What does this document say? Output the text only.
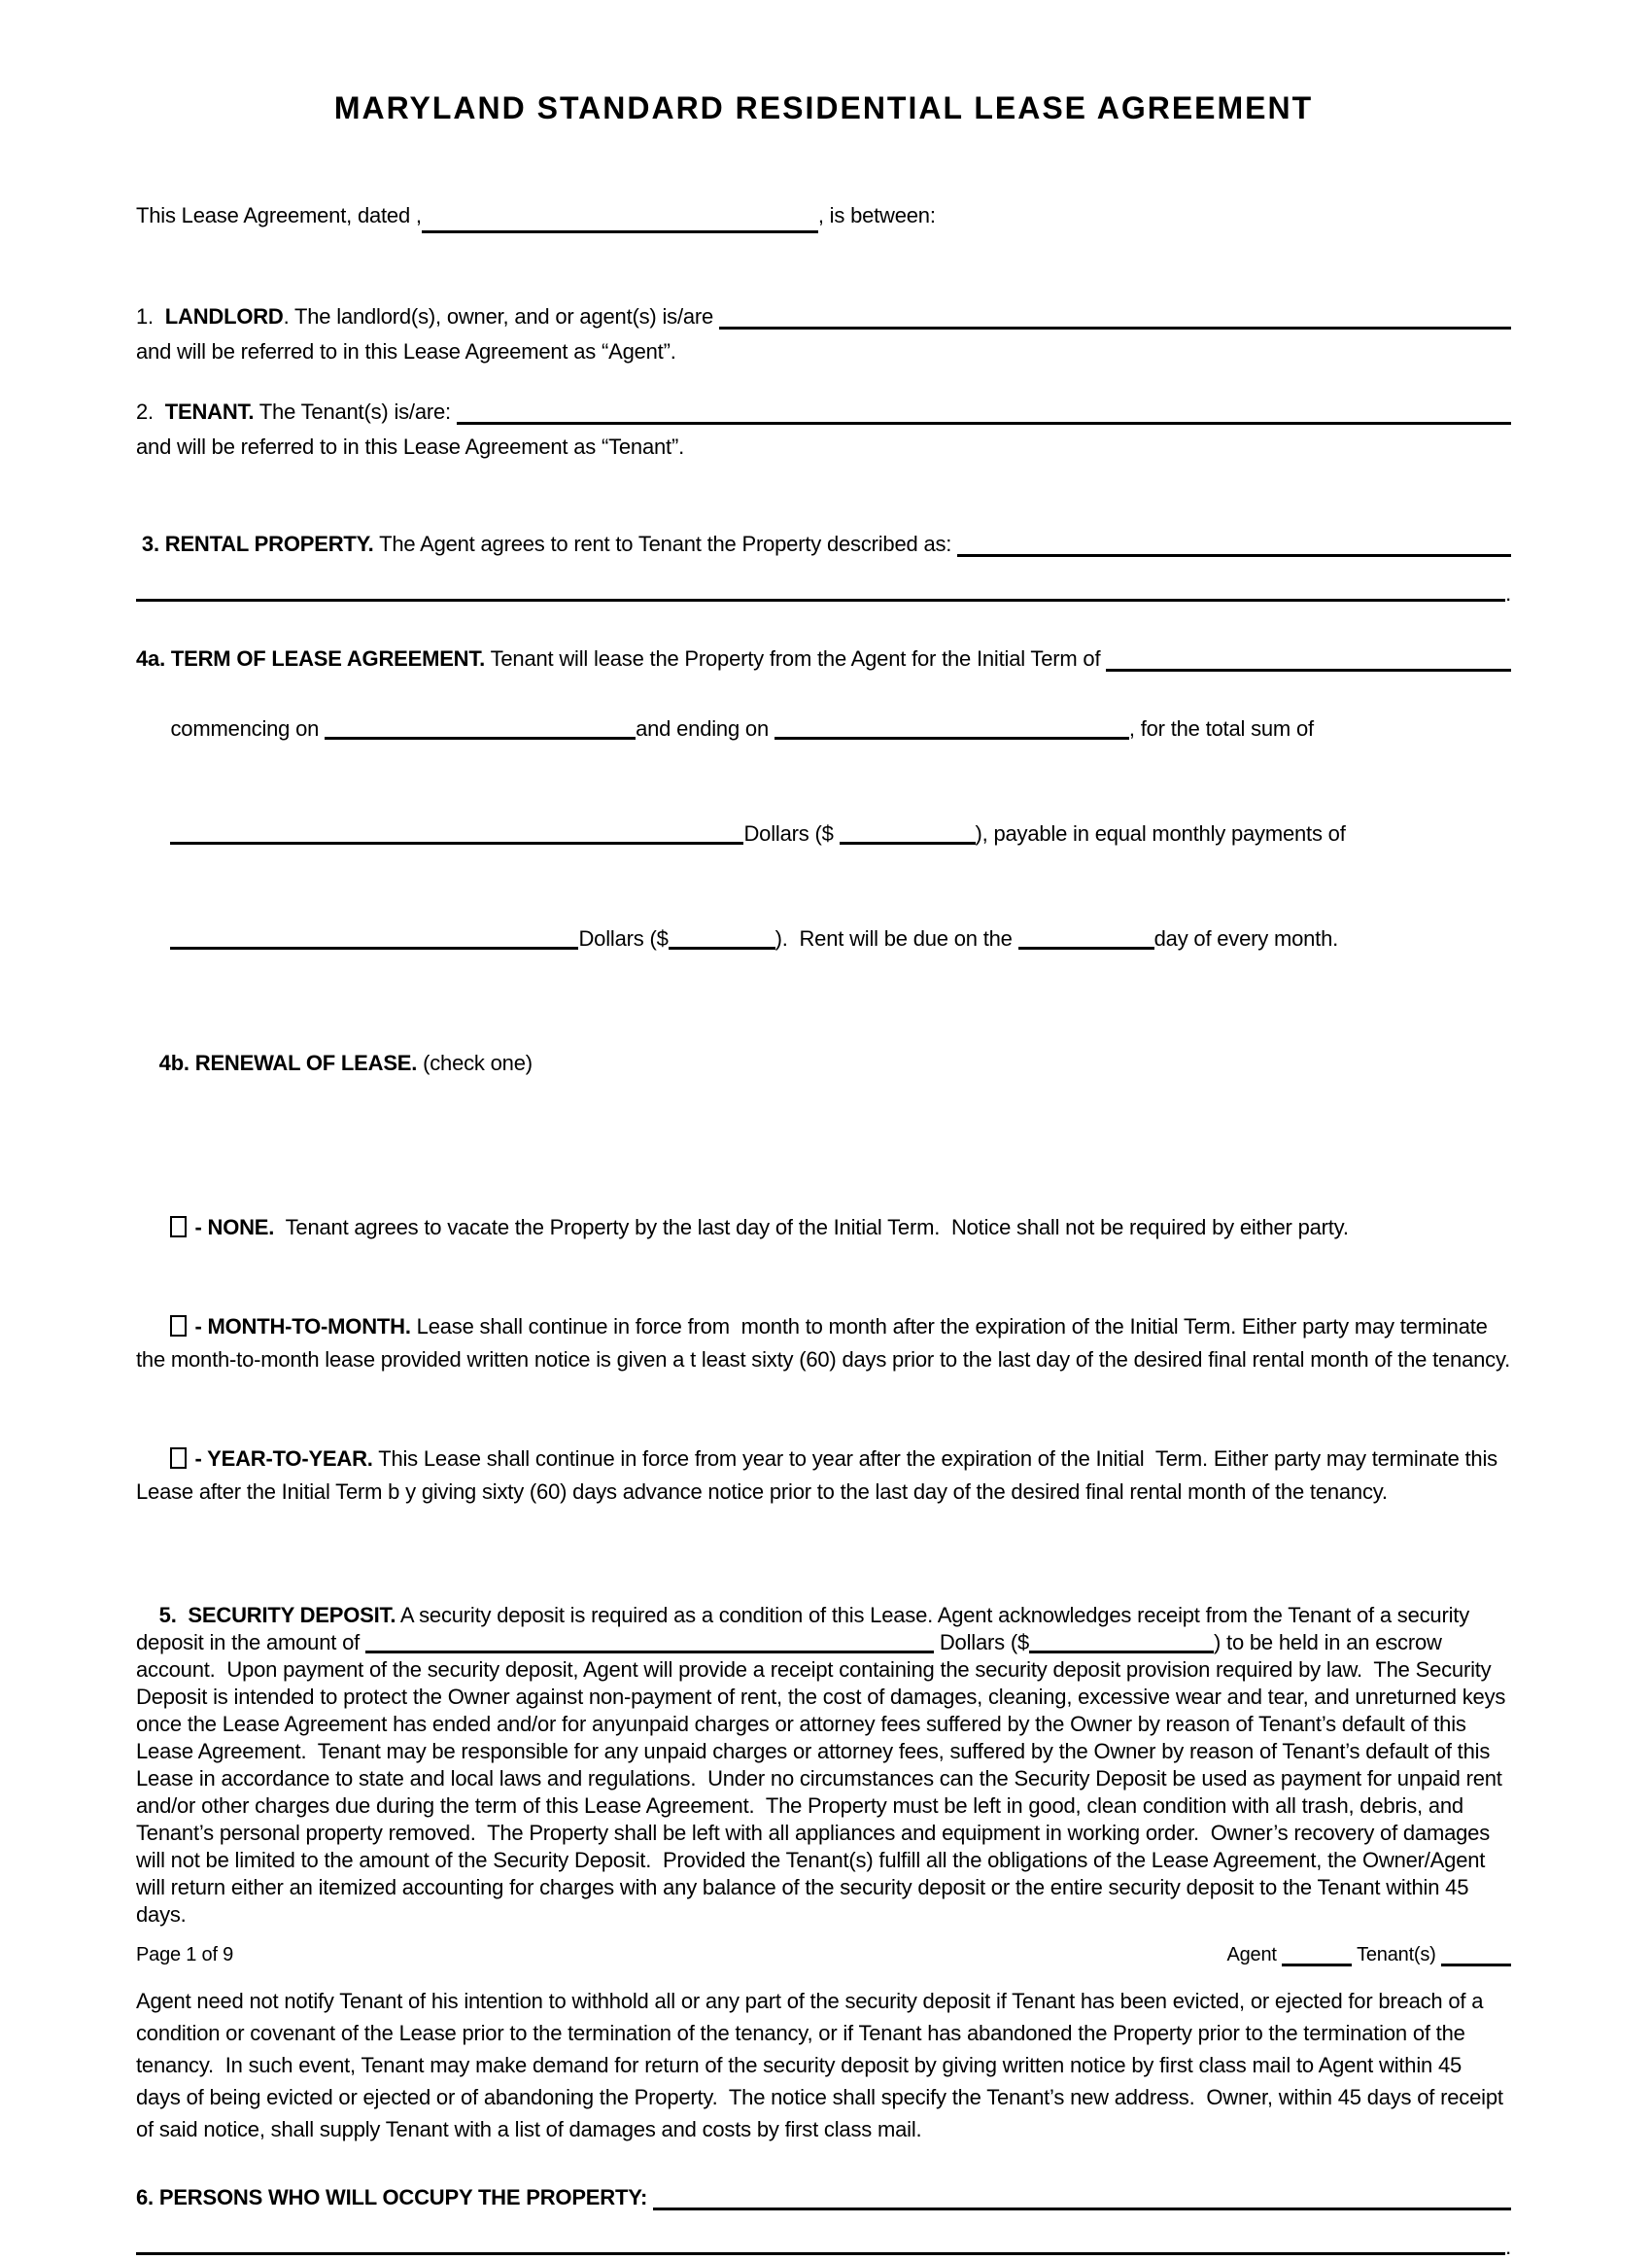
MARYLAND STANDARD RESIDENTIAL LEASE AGREEMENT
This Lease Agreement, dated ,	, is between:
1. LANDLORD . The landlord(s), owner, and or agent(s) is/are

and will be referred to in this Lease Agreement as “Agent”.

2. TENANT. The Tenant(s) is/are:

and will be referred to in this Lease Agreement as “Tenant”.

3. RENTAL PROPERTY. The Agent agrees to rent to Tenant the Property described as:
.
4a. TERM OF LEASE AGREEMENT. Tenant will lease the Property from the Agent for the Initial Term of

commencing on	and ending on	, for the total sum of

Dollars ($	), payable in equal monthly payments of

Dollars ($	).  Rent will be due on the	day of every month.

4b. RENEWAL OF LEASE. (check one)

- NONE.  Tenant agrees to vacate the Property by the last day of the Initial Term.  Notice shall not be required by either party.

- MONTH-TO-MONTH. Lease shall continue in force from  month to month after the expiration of the Initial Term. Either party may terminate the month-to-month lease provided written notice is given a t least sixty (60) days prior to the last day of the desired final rental month of the tenancy.

- YEAR-TO-YEAR. This Lease shall continue in force from year to year after the expiration of the Initial  Term. Either party may terminate this Lease after the Initial Term b y giving sixty (60) days advance notice prior to the last day of the desired final rental month of the tenancy.

5.  SECURITY DEPOSIT. A security deposit is required as a condition of this Lease. Agent acknowledges receipt from the Tenant of a security deposit in the amount of	Dollars ($	) to be held in an escrow account.  Upon payment of the security deposit, Agent will provide a receipt containing the security deposit provision required by law.  The Security Deposit is intended to protect the Owner against non-payment of rent, the cost of damages, cleaning, excessive wear and tear, and unreturned keys once the Lease Agreement has ended and/or for anyunpaid charges or attorney fees suffered by the Owner by reason of Tenant’s default of this Lease Agreement.  Tenant may be responsible for any unpaid charges or attorney fees, suffered by the Owner by reason of Tenant’s default of this Lease in accordance to state and local laws and regulations.  Under no circumstances can the Security Deposit be used as payment for unpaid rent and/or other charges due during the term of this Lease Agreement.  The Property must be left in good, clean condition with all trash, debris, and Tenant’s personal property removed.  The Property shall be left with all appliances and equipment in working order.  Owner’s recovery of damages will not be limited to the amount of the Security Deposit.  Provided the Tenant(s) fulfill all the obligations of the Lease Agreement, the Owner/Agent will return either an itemized accounting for charges with any balance of the security deposit or the entire security deposit to the Tenant within 45 days.

Agent need not notify Tenant of his intention to withhold all or any part of the security deposit if Tenant has been evicted, or ejected for breach of a condition or covenant of the Lease prior to the termination of the tenancy, or if Tenant has abandoned the Property prior to the termination of the tenancy.  In such event, Tenant may make demand for return of the security deposit by giving written notice by first class mail to Agent within 45 days of being evicted or ejected or of abandoning the Property.  The notice shall specify the Tenant’s new address.  Owner, within 45 days of receipt of said notice, shall supply Tenant with a list of damages and costs by first class mail.

6. PERSONS WHO WILL OCCUPY THE PROPERTY:
.
Page 1 of 9	Agent	Tenant(s)
